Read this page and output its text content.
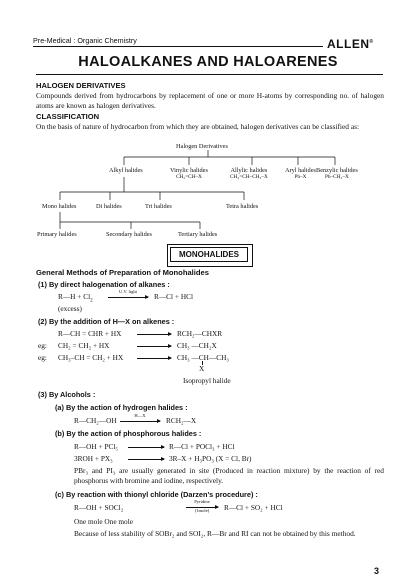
Pre-Medical : Organic Chemistry	ALLEN®
HALOALKANES AND HALOARENES
HALOGEN DERIVATIVES
Compounds derived from hydrocarbons by replacement of one or more H-atoms by corresponding no. of halogen atoms are known as halogen derivatives.
CLASSIFICATION
On the basis of nature of hydrocarbon from which they are obtained, halogen derivatives can be classified as:
Halogen Derivatives
Alkyl halides	Vinylic halides
CH₂=CH–X
Allylic halides
CH₂=CH–CH₂–X
Aryl halides
Ph–X
Benzylic halides
Ph–CH₂–X
Mono halides	Di halides	Tri halides	Tetra halides
Primary halides	Secondary halides	Tertiary halides
MONOHALIDES
General Methods of Preparation of Monohalides
(1) By direct halogenation of alkanes :
R—H + $Cl_2$
U.V. light
R—Cl + HCl
(excess)
(2) By the addition of H—X on alkenes :
R—CH = CHR + HX	RCH₂—CHXR
eg: CH₂ = CH₂ + HX	CH₃ —CH₂X
eg: CH₃–CH = CH₂ + HX	CH₃ —CH—CH₃
X
Isopropyl halide
(3) By Alcohols :
(a) By the action of hydrogen halides :
R—CH₂—OH
H—X
RCH₂—X
(b) By the action of phosphorous halides :
R—OH + PCl₅	R—Cl + POCl₃ + HCl
3ROH + PX₃	3R–X + H₃PO₃ (X = Cl, Br)
PBr₃ and PI₃ are usually generated in site (Produced in reaction mixture) by the reaction of red phosphorus with bromine and iodine, respectively.
(c) By reaction with thionyl chloride (Darzen's procedure) :
R—OH + SOCl₂
Pyridine
(1mole)	R—Cl + SO₂ + HCl
One mole One mole
Because of less stability of SOBr₂ and SOI₂, R—Br and RI can not be obtained by this method.
3
